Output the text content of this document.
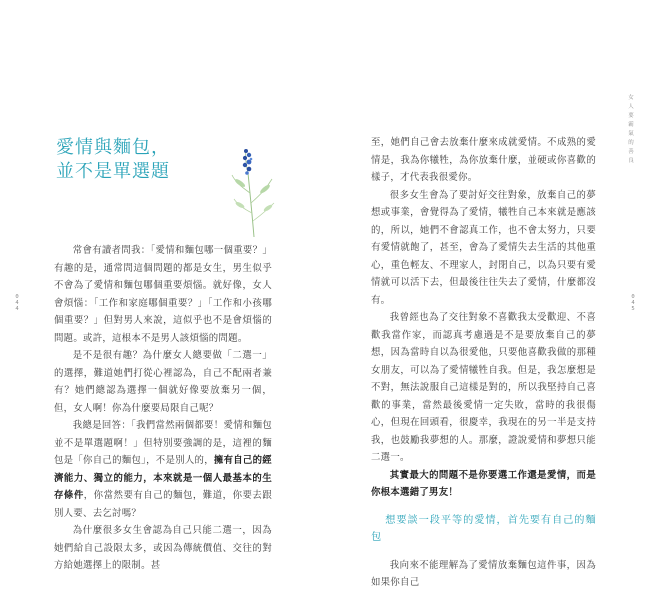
愛情與麵包，
並不是單選題

常會有讀者問我：「愛情和麵包哪一個重要？」有趣的是，通常問這個問題的都是女生，男生似乎不會為了愛情和麵包哪個重要煩惱。就好像，女人會煩惱：「工作和家庭哪個重要？」「工作和小孩哪個重要？」但對男人來說，這似乎也不是會煩惱的問題。或許，這根本不是男人該煩惱的問題。

是不是很有趣？為什麼女人總要做「二選一」的選擇，難道她們打從心裡認為，自己不配兩者兼有？她們總認為選擇一個就好像要放棄另一個，但，女人啊！你為什麼要局限自己呢？

我總是回答：「我們當然兩個都要！愛情和麵包並不是單選題啊！」但特別要強調的是，這裡的麵包是「你自己的麵包」，不是別人的，擁有自己的經濟能力、獨立的能力，本來就是一個人最基本的生存條件，你當然要有自己的麵包，難道，你要去跟別人要、去乞討嗎？

為什麼很多女生會認為自己只能二選一，因為她們給自己設限太多，或因為傳統價值、交往的對方給她選擇上的限制。甚

0
4
4

至，她們自己會去放棄什麼來成就愛情。不成熟的愛情是，我為你犧牲，為你放棄什麼，並硬或你喜歡的樣子，才代表我很愛你。

很多女生會為了要討好交往對象，放棄自己的夢想或事業，會覺得為了愛情，犧牲自己本來就是應該的，所以，她們不會認真工作，也不會太努力，只要有愛情就飽了，甚至，會為了愛情失去生活的其他重心，重色輕友、不理家人，封閉自己，以為只要有愛情就可以活下去，但最後往往失去了愛情，什麼都沒有。

我曾經也為了交往對象不喜歡我太受歡迎、不喜歡我當作家，而認真考慮過是不是要放棄自己的夢想，因為當時自以為很愛他，只要他喜歡我做的那種女朋友，可以為了愛情犧牲自我。但是，我怎麼想是不對，無法說服自己這樣是對的，所以我堅持自己喜歡的事業，當然最後愛情一定失敗，當時的我很傷心，但現在回頭看，很慶幸，我現在的另一半是支持我，也鼓勵我夢想的人。那麼，證說愛情和夢想只能二選一。

其實最大的問題不是你要選工作還是愛情，而是你根本選錯了男友！

想要談一段平等的愛情，首先要有自己的麵包

我向來不能理解為了愛情放棄麵包這件事，因為如果你自己

女
人
要
霸
氣
的
善
良
0
4
5
